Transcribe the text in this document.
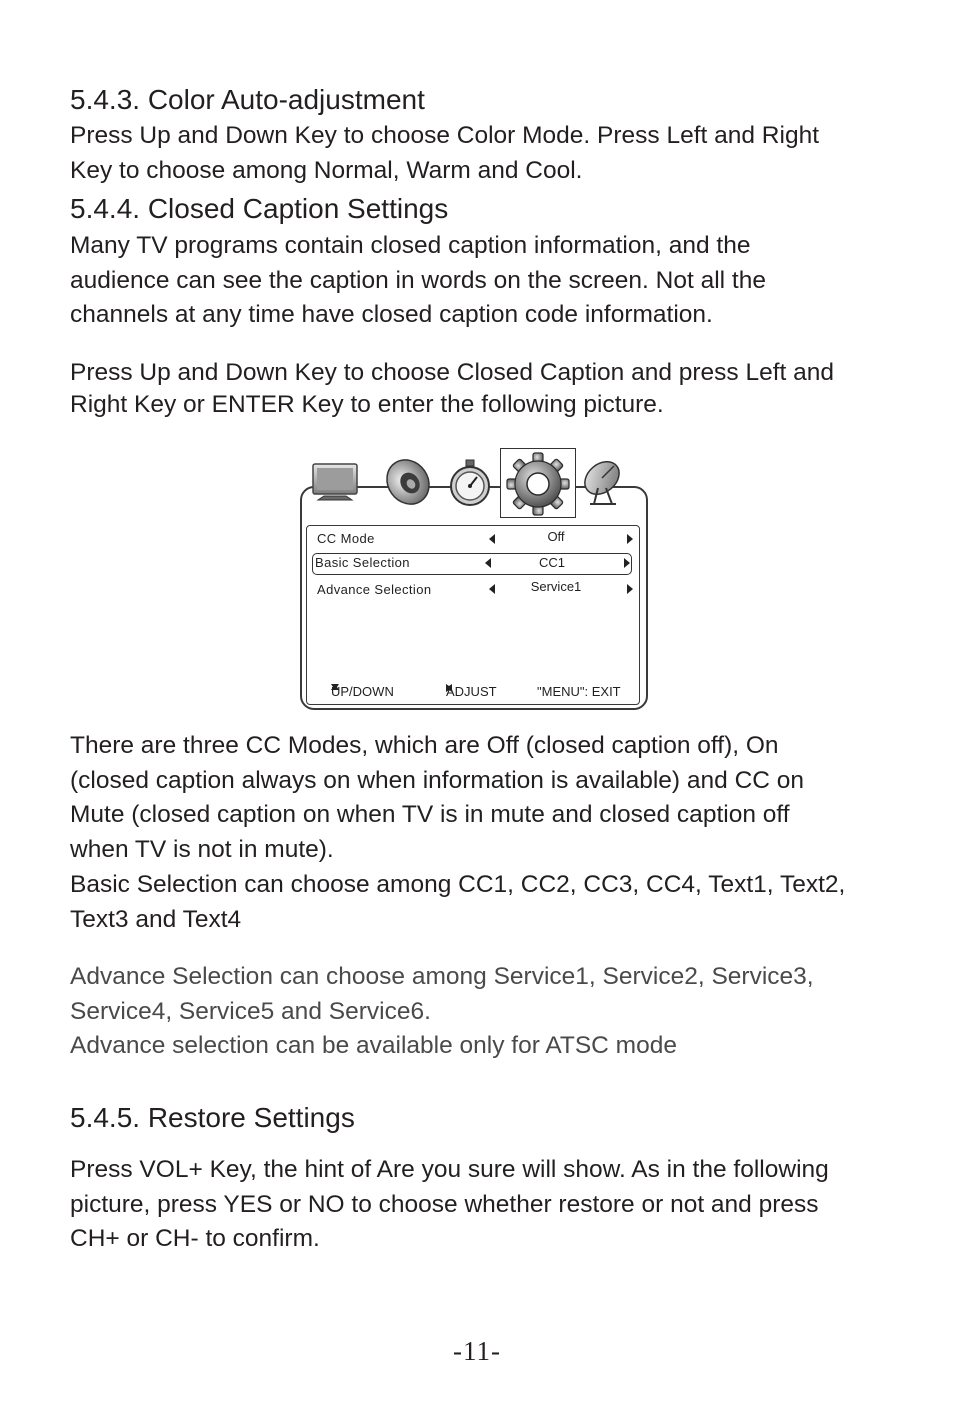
5.4.3. Color Auto-adjustment
Press Up and Down Key to choose Color Mode. Press Left and Right
Key to choose among Normal, Warm and Cool.
5.4.4. Closed Caption Settings
Many TV programs contain closed caption information, and the
audience can see the caption in words on the screen. Not all the
channels at any time have closed caption code information.
Press Up and Down Key to choose Closed Caption and press Left and
Right Key or ENTER Key to enter the following picture.
CC Mode	Off
Basic Selection	CC1
Advance Selection	Service1
UP/DOWN	ADJUST	"MENU": EXIT
There are three CC Modes, which are Off (closed caption off), On
(closed caption always on when information is available) and CC on
Mute (closed caption on when TV is in mute and closed caption off
when TV is not in mute).
Basic Selection can choose among CC1, CC2, CC3, CC4, Text1, Text2,
Text3 and Text4
Advance Selection can choose among Service1, Service2, Service3,
Service4, Service5 and Service6.
Advance selection can be available only for ATSC mode
5.4.5. Restore Settings
Press VOL+ Key, the hint of Are you sure will show. As in the following
picture, press YES or NO to choose whether restore or not and press
CH+ or CH- to confirm.
-11-
